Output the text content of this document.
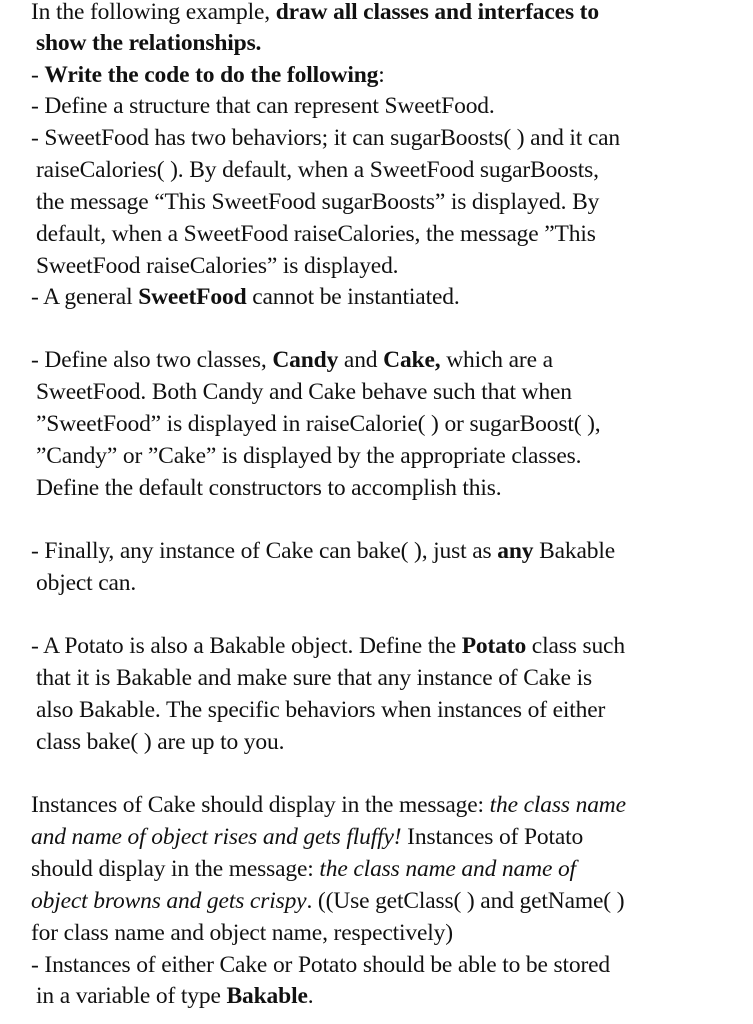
In the following example, draw all classes and interfaces to
show the relationships.
- Write the code to do the following:
- Define a structure that can represent SweetFood.
- SweetFood has two behaviors; it can sugarBoosts( ) and it can
raiseCalories( ). By default, when a SweetFood sugarBoosts,
the message “This SweetFood sugarBoosts” is displayed. By
default, when a SweetFood raiseCalories, the message ”This
SweetFood raiseCalories” is displayed.
- A general SweetFood cannot be instantiated.
- Define also two classes, Candy and Cake, which are a
SweetFood. Both Candy and Cake behave such that when
”SweetFood” is displayed in raiseCalorie( ) or sugarBoost( ),
”Candy” or ”Cake” is displayed by the appropriate classes.
Define the default constructors to accomplish this.
- Finally, any instance of Cake can bake( ), just as any Bakable
object can.
- A Potato is also a Bakable object. Define the Potato class such
that it is Bakable and make sure that any instance of Cake is
also Bakable. The specific behaviors when instances of either
class bake( ) are up to you.
Instances of Cake should display in the message: the class name
and name of object rises and gets fluffy! Instances of Potato
should display in the message: the class name and name of
object browns and gets crispy. ((Use getClass( ) and getName( )
for class name and object name, respectively)
- Instances of either Cake or Potato should be able to be stored
in a variable of type Bakable.
